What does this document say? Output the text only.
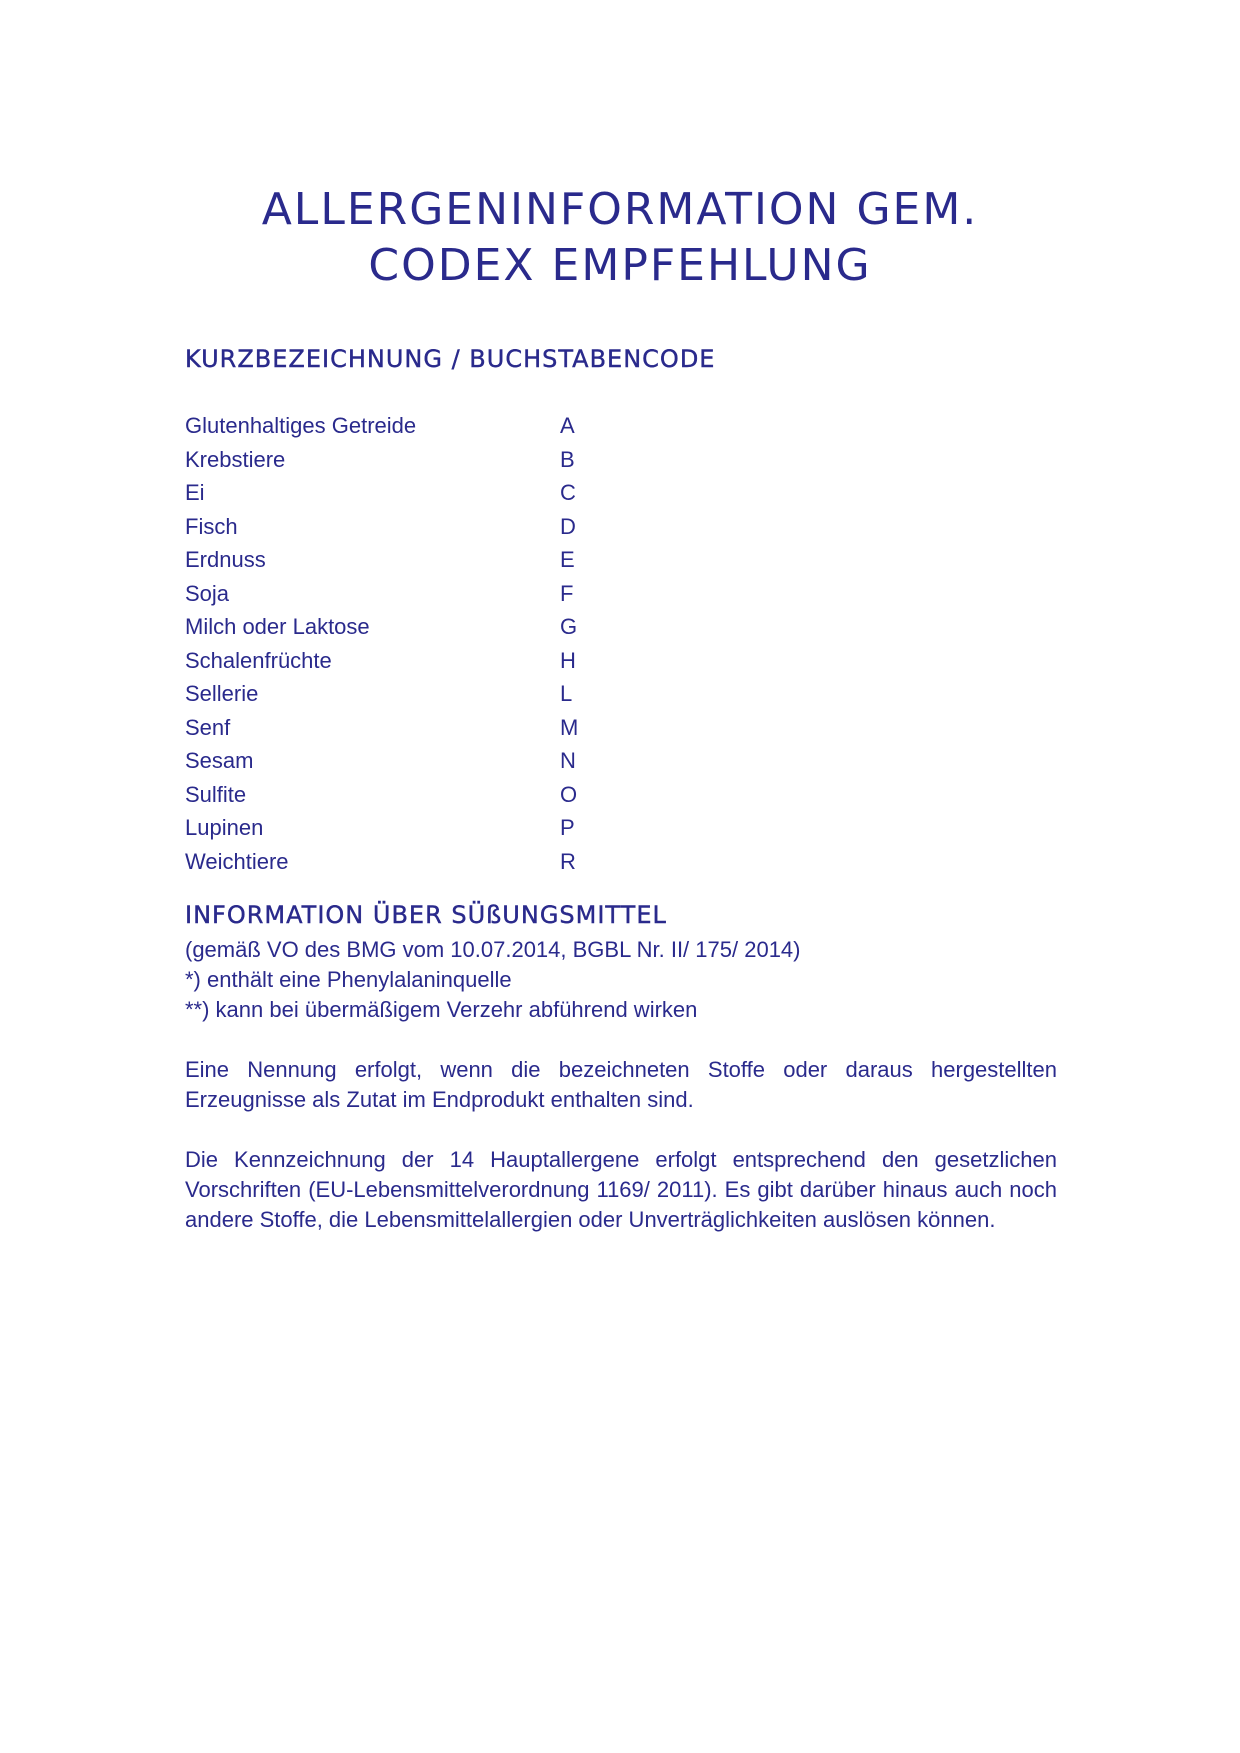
ALLERGENINFORMATION GEM.
CODEX EMPFEHLUNG
KURZBEZEICHNUNG / BUCHSTABENCODE
Glutenhaltiges Getreide	A
Krebstiere	B
Ei	C
Fisch	D
Erdnuss	E
Soja	F
Milch oder Laktose	G
Schalenfrüchte	H
Sellerie	L
Senf	M
Sesam	N
Sulfite	O
Lupinen	P
Weichtiere	R
INFORMATION ÜBER SÜßUNGSMITTEL
(gemäß VO des BMG vom 10.07.2014, BGBL Nr. II/ 175/ 2014)
*) enthält eine Phenylalaninquelle
**) kann bei übermäßigem Verzehr abführend wirken

Eine Nennung erfolgt, wenn die bezeichneten Stoffe oder daraus hergestellten Erzeugnisse als Zutat im Endprodukt enthalten sind.

Die Kennzeichnung der 14 Hauptallergene erfolgt entsprechend den gesetzlichen Vorschriften (EU-Lebensmittelverordnung 1169/ 2011). Es gibt darüber hinaus auch noch andere Stoffe, die Lebensmittelallergien oder Unverträglichkeiten auslösen können.
